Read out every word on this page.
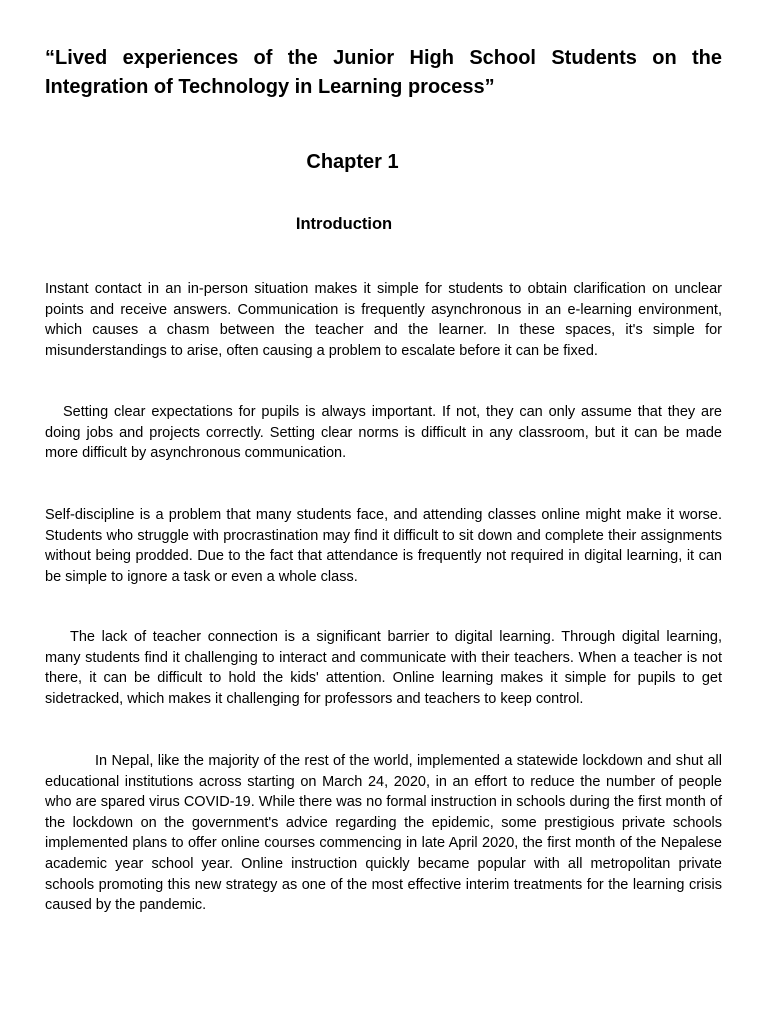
“Lived experiences of the Junior High School Students on the Integration of Technology in Learning process”
Chapter 1
Introduction

Instant contact in an in-person situation makes it simple for students to obtain clarification on unclear points and receive answers. Communication is frequently asynchronous in an e-learning environment, which causes a chasm between the teacher and the learner. In these spaces, it's simple for misunderstandings to arise, often causing a problem to escalate before it can be fixed.

Setting clear expectations for pupils is always important. If not, they can only assume that they are doing jobs and projects correctly. Setting clear norms is difficult in any classroom, but it can be made more difficult by asynchronous communication.

Self-discipline is a problem that many students face, and attending classes online might make it worse. Students who struggle with procrastination may find it difficult to sit down and complete their assignments without being prodded. Due to the fact that attendance is frequently not required in digital learning, it can be simple to ignore a task or even a whole class.

The lack of teacher connection is a significant barrier to digital learning. Through digital learning, many students find it challenging to interact and communicate with their teachers. When a teacher is not there, it can be difficult to hold the kids' attention. Online learning makes it simple for pupils to get sidetracked, which makes it challenging for professors and teachers to keep control.

In Nepal, like the majority of the rest of the world, implemented a statewide lockdown and shut all educational institutions across starting on March 24, 2020, in an effort to reduce the number of people who are spared virus COVID-19. While there was no formal instruction in schools during the first month of the lockdown on the government's advice regarding the epidemic, some prestigious private schools implemented plans to offer online courses commencing in late April 2020, the first month of the Nepalese academic year school year. Online instruction quickly became popular with all metropolitan private schools promoting this new strategy as one of the most effective interim treatments for the learning crisis caused by the pandemic.
